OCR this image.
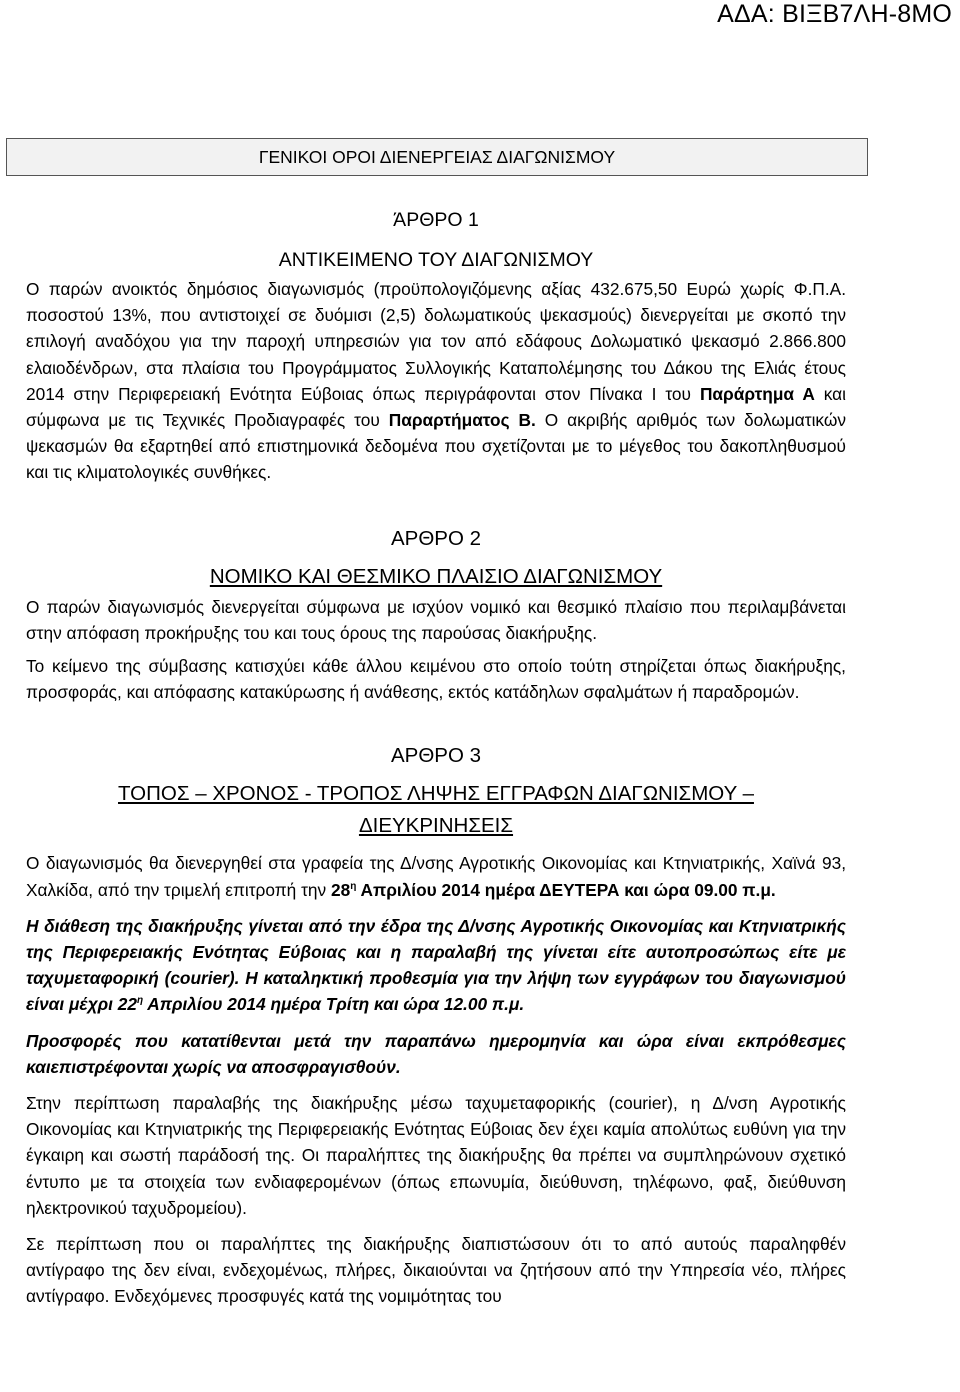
ΑΔΑ: ΒΙΞΒ7ΛΗ-8ΜΟ
ΓΕΝΙΚΟΙ ΟΡΟΙ ΔΙΕΝΕΡΓΕΙΑΣ ΔΙΑΓΩΝΙΣΜΟΥ
ΆΡΘΡΟ 1
ΑΝΤΙΚΕΙΜΕΝΟ ΤΟΥ ΔΙΑΓΩΝΙΣΜΟΥ

Ο παρών ανοικτός δημόσιος διαγωνισμός (προϋπολογιζόμενης αξίας 432.675,50 Ευρώ χωρίς Φ.Π.Α. ποσοστού 13%, που αντιστοιχεί σε δυόμισι (2,5) δολωματικούς ψεκασμούς) διενεργείται με σκοπό την επιλογή αναδόχου για την παροχή υπηρεσιών για τον από εδάφους Δολωματικό ψεκασμό 2.866.800 ελαιοδένδρων, στα πλαίσια του Προγράμματος Συλλογικής Καταπολέμησης του Δάκου της Ελιάς έτους 2014 στην Περιφερειακή Ενότητα Εύβοιας όπως περιγράφονται στον Πίνακα Ι του Παράρτημα Α και σύμφωνα με τις Τεχνικές Προδιαγραφές του Παραρτήματος Β. Ο ακριβής αριθμός των δολωματικών ψεκασμών θα εξαρτηθεί από επιστημονικά δεδομένα που σχετίζονται με το μέγεθος του δακοπληθυσμού και τις κλιματολογικές συνθήκες.

ΑΡΘΡΟ 2
ΝΟΜΙΚΟ ΚΑΙ ΘΕΣΜΙΚΟ ΠΛΑΙΣΙΟ ΔΙΑΓΩΝΙΣΜΟΥ

Ο παρών διαγωνισμός διενεργείται σύμφωνα με ισχύον νομικό και θεσμικό πλαίσιο που περιλαμβάνεται στην απόφαση προκήρυξης του και τους όρους της παρούσας διακήρυξης.

Το κείμενο της σύμβασης κατισχύει κάθε άλλου κειμένου στο οποίο τούτη στηρίζεται όπως διακήρυξης, προσφοράς, και απόφασης κατακύρωσης ή ανάθεσης, εκτός κατάδηλων σφαλμάτων ή παραδρομών.

ΑΡΘΡΟ 3
ΤΟΠΟΣ – ΧΡΟΝΟΣ - ΤΡΟΠΟΣ ΛΗΨΗΣ ΕΓΓΡΑΦΩΝ ΔΙΑΓΩΝΙΣΜΟΥ –
ΔΙΕΥΚΡΙΝΗΣΕΙΣ

Ο διαγωνισμός θα διενεργηθεί στα γραφεία της Δ/νσης Αγροτικής Οικονομίας και Κτηνιατρικής, Χαϊνά 93, Χαλκίδα, από την τριμελή επιτροπή την $28^\eta$ Απριλίου 2014 ημέρα ΔΕΥΤΕΡΑ και ώρα 09.00 π.μ.

Η διάθεση της διακήρυξης γίνεται από την έδρα της Δ/νσης Αγροτικής Οικονομίας και Κτηνιατρικής της Περιφερειακής Ενότητας Εύβοιας και η παραλαβή της γίνεται είτε αυτοπροσώπως είτε με ταχυμεταφορική (courier). Η καταληκτική προθεσμία για την λήψη των εγγράφων του διαγωνισμού είναι μέχρι $22^\eta$ Απριλίου 2014 ημέρα Τρίτη και ώρα 12.00 π.μ.

Προσφορές που κατατίθενται μετά την παραπάνω ημερομηνία και ώρα είναι εκπρόθεσμες καιεπιστρέφονται χωρίς να αποσφραγισθούν.

Στην περίπτωση παραλαβής της διακήρυξης μέσω ταχυμεταφορικής (courier), η Δ/νση Αγροτικής Οικονομίας και Κτηνιατρικής της Περιφερειακής Ενότητας Εύβοιας δεν έχει καμία απολύτως ευθύνη για την έγκαιρη και σωστή παράδοσή της. Οι παραλήπτες της διακήρυξης θα πρέπει να συμπληρώνουν σχετικό έντυπο με τα στοιχεία των ενδιαφερομένων (όπως επωνυμία, διεύθυνση, τηλέφωνο, φαξ, διεύθυνση ηλεκτρονικού ταχυδρομείου).

Σε περίπτωση που οι παραλήπτες της διακήρυξης διαπιστώσουν ότι το από αυτούς παραληφθέν αντίγραφο της δεν είναι, ενδεχομένως, πλήρες, δικαιούνται να ζητήσουν από την Υπηρεσία νέο, πλήρες αντίγραφο. Ενδεχόμενες προσφυγές κατά της νομιμότητας του
